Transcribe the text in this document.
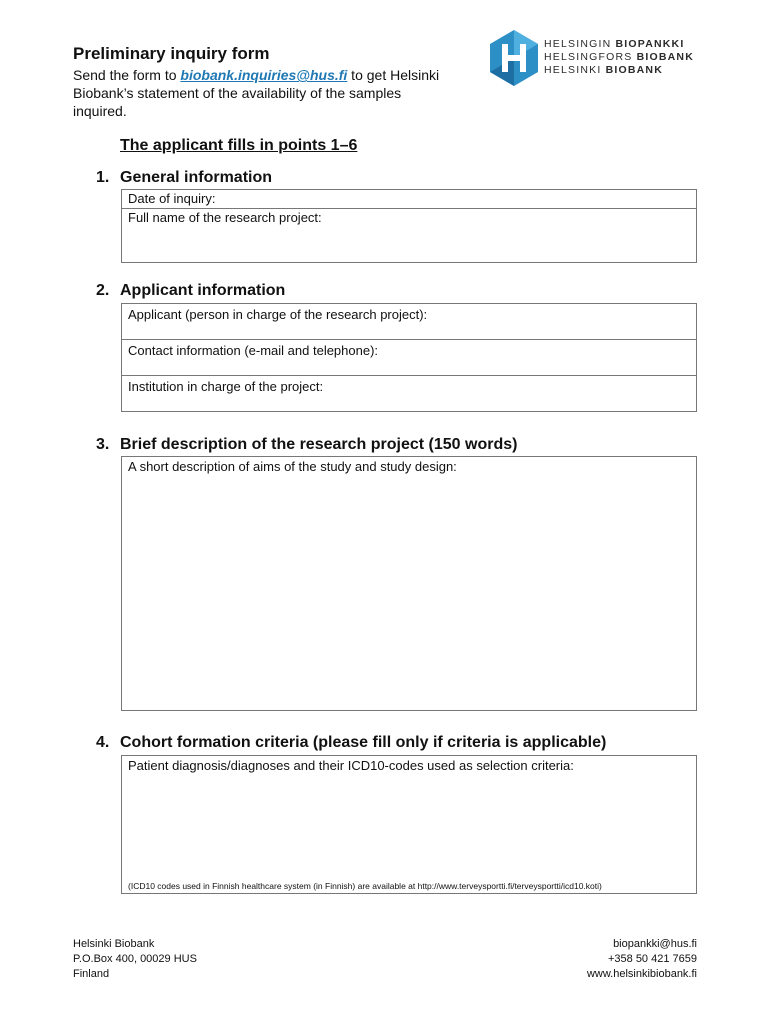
Preliminary inquiry form
Send the form to biobank.inquiries@hus.fi to get Helsinki Biobank’s statement of the availability of the samples inquired.
HELSINGIN BIOPANKKI
HELSINGFORS BIOBANK
HELSINKI BIOBANK
The applicant fills in points 1–6
1. General information
Date of inquiry:
Full name of the research project:
2. Applicant information
Applicant (person in charge of the research project):
Contact information (e-mail and telephone):
Institution in charge of the project:
3. Brief description of the research project (150 words)
A short description of aims of the study and study design:
4. Cohort formation criteria (please fill only if criteria is applicable)
Patient diagnosis/diagnoses and their ICD10-codes used as selection criteria:
(ICD10 codes used in Finnish healthcare system (in Finnish) are available at http://www.terveysportti.fi/terveysportti/icd10.koti)
Helsinki Biobank
P.O.Box 400, 00029 HUS
Finland
biopankki@hus.fi
+358 50 421 7659
www.helsinkibiobank.fi
